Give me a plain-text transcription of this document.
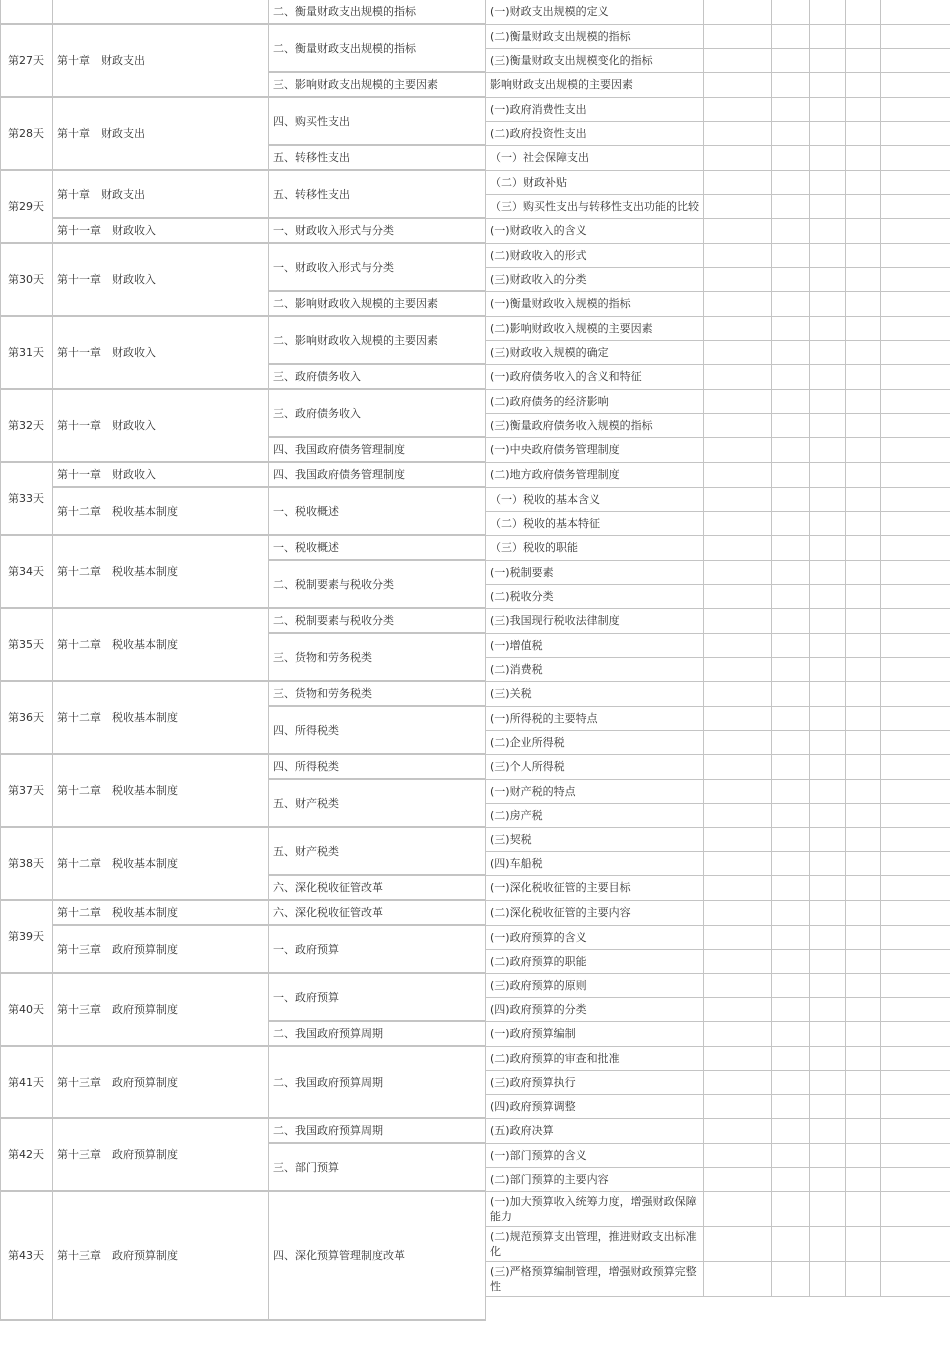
		二、衡量财政支出规模的指标	(一)财政支出规模的定义					
第27天	第十章　财政支出	二、衡量财政支出规模的指标	(二)衡量财政支出规模的指标					
			(三)衡量财政支出规模变化的指标					
		三、影响财政支出规模的主要因素	影响财政支出规模的主要因素					
第28天	第十章　财政支出	四、购买性支出	(一)政府消费性支出					
			(二)政府投资性支出					
		五、转移性支出	（一）社会保障支出					
第29天	第十章　财政支出	五、转移性支出	（二）财政补贴					
			（三）购买性支出与转移性支出功能的比较					
	第十一章　财政收入	一、财政收入形式与分类	(一)财政收入的含义					
第30天	第十一章　财政收入	一、财政收入形式与分类	(二)财政收入的形式					
			(三)财政收入的分类					
		二、影响财政收入规模的主要因素	(一)衡量财政收入规模的指标					
第31天	第十一章　财政收入	二、影响财政收入规模的主要因素	(二)影响财政收入规模的主要因素					
			(三)财政收入规模的确定					
		三、政府债务收入	(一)政府债务收入的含义和特征					
第32天	第十一章　财政收入	三、政府债务收入	(二)政府债务的经济影响					
			(三)衡量政府债务收入规模的指标					
		四、我国政府债务管理制度	(一)中央政府债务管理制度					
第33天	第十一章　财政收入	四、我国政府债务管理制度	(二)地方政府债务管理制度					
	第十二章　税收基本制度	一、税收概述	（一）税收的基本含义					
			（二）税收的基本特征					
第34天	第十二章　税收基本制度	一、税收概述	（三）税收的职能					
		二、税制要素与税收分类	(一)税制要素					
			(二)税收分类					
第35天	第十二章　税收基本制度	二、税制要素与税收分类	(三)我国现行税收法律制度					
		三、货物和劳务税类	(一)增值税					
			(二)消费税					
第36天	第十二章　税收基本制度	三、货物和劳务税类	(三)关税					
		四、所得税类	(一)所得税的主要特点					
			(二)企业所得税					
第37天	第十二章　税收基本制度	四、所得税类	(三)个人所得税					
		五、财产税类	(一)财产税的特点					
			(二)房产税					
第38天	第十二章　税收基本制度	五、财产税类	(三)契税					
			(四)车船税					
		六、深化税收征管改革	(一)深化税收征管的主要目标					
第39天	第十二章　税收基本制度	六、深化税收征管改革	(二)深化税收征管的主要内容					
	第十三章　政府预算制度	一、政府预算	(一)政府预算的含义					
			(二)政府预算的职能					
第40天	第十三章　政府预算制度	一、政府预算	(三)政府预算的原则					
			(四)政府预算的分类					
		二、我国政府预算周期	(一)政府预算编制					
第41天	第十三章　政府预算制度	二、我国政府预算周期	(二)政府预算的审查和批准					
			(三)政府预算执行					
			(四)政府预算调整					
第42天	第十三章　政府预算制度	二、我国政府预算周期	(五)政府决算					
		三、部门预算	(一)部门预算的含义					
			(二)部门预算的主要内容					
第43天	第十三章　政府预算制度	四、深化预算管理制度改革	(一)加大预算收入统筹力度，增强财政保障能力					
			(二)规范预算支出管理，推进财政支出标准化					
			(三)严格预算编制管理，增强财政预算完整性					
